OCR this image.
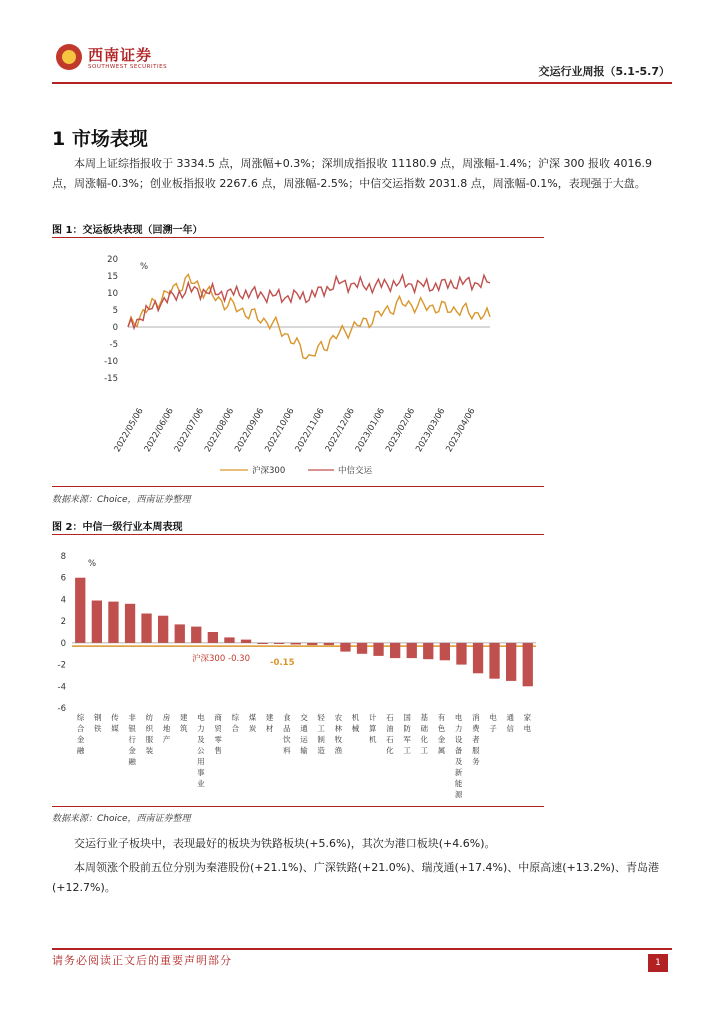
西南证券
SOUTHWEST SECURITIES	交运行业周报（5.1-5.7）
1 市场表现
本周上证综指报收于 3334.5 点，周涨幅+0.3%；深圳成指报收 11180.9 点，周涨幅-1.4%；沪深 300 报收 4016.9 点，周涨幅-0.3%；创业板指报收 2267.6 点，周涨幅-2.5%；中信交运指数 2031.8 点，周涨幅-0.1%，表现强于大盘。
图 1：交运板块表现（回溯一年）
20
15
10
5
0
-5
-10
-15
%
2022/05/06
2022/06/06
2022/07/06
2022/08/06
2022/09/06
2022/10/06
2022/11/06
2022/12/06
2023/01/06
2023/02/06
2023/03/06
2023/04/06
沪深300	中信交运
数据来源：Choice，西南证券整理
图 2：中信一级行业本周表现
8
6
4
2
0
-2
-4
-6
%
沪深300 -0.30 -0.15
综合金融
钢铁
传媒
非银行金融
纺织服装
房地产
建筑
电力及公用事业
商贸零售
综合
煤炭
建材
食品饮料
交通运输
轻工制造
农林牧渔
机械
计算机
石油石化
国防军工
基础化工
有色金属
电力设备及新能源
消费者服务
电子
通信
家电
数据来源：Choice，西南证券整理
交运行业子板块中，表现最好的板块为铁路板块(+5.6%)，其次为港口板块(+4.6%)。
本周领涨个股前五位分别为秦港股份(+21.1%)、广深铁路(+21.0%)、瑞茂通(+17.4%)、中原高速(+13.2%)、青岛港(+12.7%)。
请务必阅读正文后的重要声明部分	1
